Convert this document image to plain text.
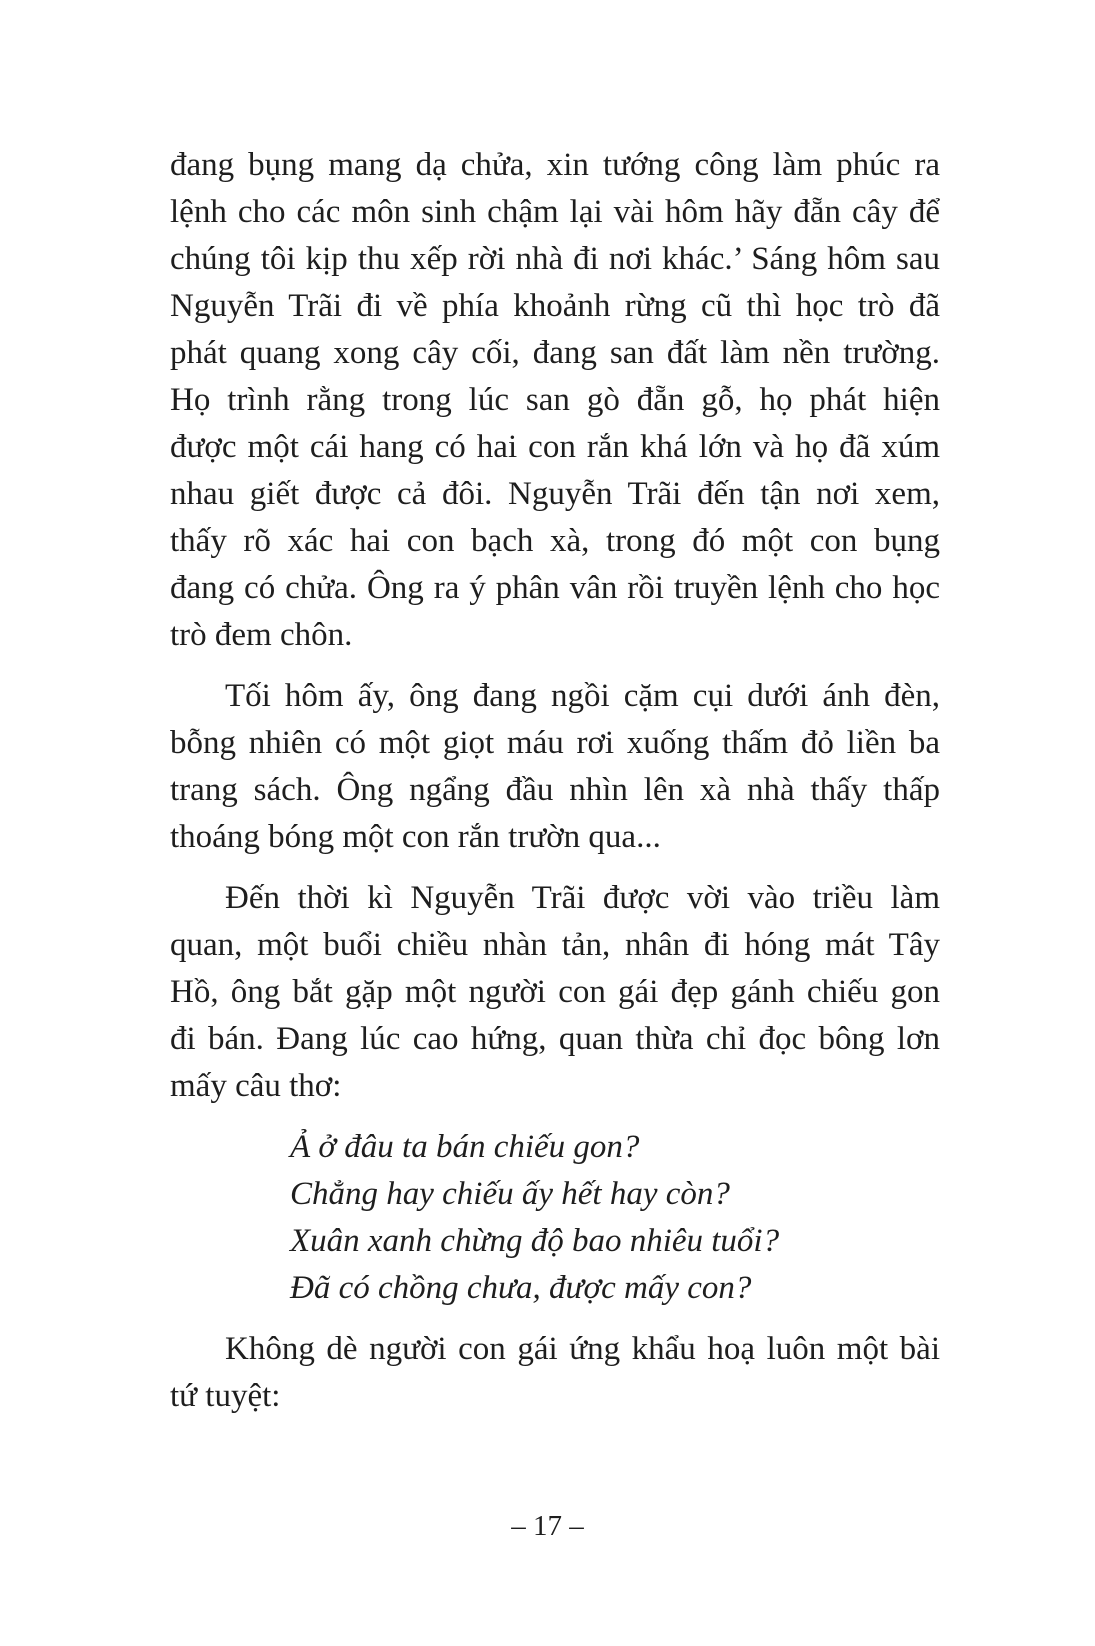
đang bụng mang dạ chửa, xin tướng công làm phúc ra
lệnh cho các môn sinh chậm lại vài hôm hãy đẵn cây để
chúng tôi kịp thu xếp rời nhà đi nơi khác.’ Sáng hôm sau
Nguyễn Trãi đi về phía khoảnh rừng cũ thì học trò đã
phát quang xong cây cối, đang san đất làm nền trường.
Họ trình rằng trong lúc san gò đẵn gỗ, họ phát hiện
được một cái hang có hai con rắn khá lớn và họ đã xúm
nhau giết được cả đôi. Nguyễn Trãi đến tận nơi xem,
thấy rõ xác hai con bạch xà, trong đó một con bụng
đang có chửa. Ông ra ý phân vân rồi truyền lệnh cho học
trò đem chôn.
Tối hôm ấy, ông đang ngồi cặm cụi dưới ánh đèn,
bỗng nhiên có một giọt máu rơi xuống thấm đỏ liền ba
trang sách. Ông ngẩng đầu nhìn lên xà nhà thấy thấp
thoáng bóng một con rắn trườn qua...
Đến thời kì Nguyễn Trãi được vời vào triều làm
quan, một buổi chiều nhàn tản, nhân đi hóng mát Tây
Hồ, ông bắt gặp một người con gái đẹp gánh chiếu gon
đi bán. Đang lúc cao hứng, quan thừa chỉ đọc bông lơn
mấy câu thơ:
Ả ở đâu ta bán chiếu gon?
Chẳng hay chiếu ấy hết hay còn?
Xuân xanh chừng độ bao nhiêu tuổi?
Đã có chồng chưa, được mấy con?
Không dè người con gái ứng khẩu hoạ luôn một bài
tứ tuyệt:
– 17 –
